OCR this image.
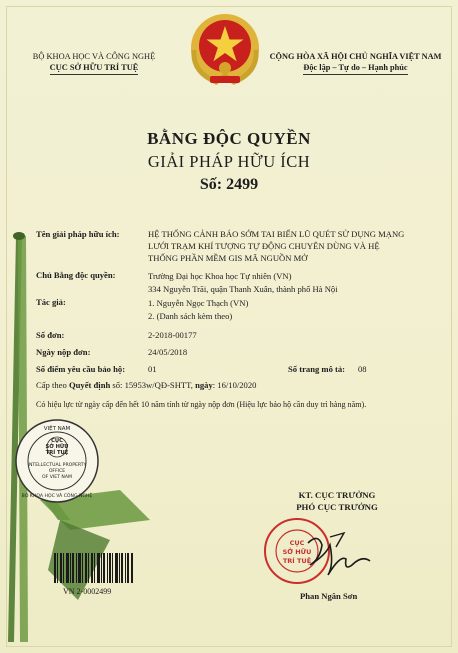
BỘ KHOA HỌC VÀ CÔNG NGHỆ
CỤC SỞ HỮU TRÍ TUỆ
CỘNG HÒA XÃ HỘI CHỦ NGHĨA VIỆT NAM
Độc lập – Tự do – Hạnh phúc
BẰNG ĐỘC QUYỀN
GIẢI PHÁP HỮU ÍCH
Số: 2499
Tên giải pháp hữu ích:	HỆ THỐNG CẢNH BÁO SỚM TAI BIẾN LŨ QUÉT SỬ DỤNG MẠNG
LƯỚI TRẠM KHÍ TƯỢNG TỰ ĐỘNG CHUYÊN DÙNG VÀ HỆ
THỐNG PHẦN MỀM GIS MÃ NGUỒN MỞ
Chủ Bằng độc quyền:	Trường Đại học Khoa học Tự nhiên (VN)
334 Nguyễn Trãi, quận Thanh Xuân, thành phố Hà Nội
Tác giả:	1. Nguyễn Ngọc Thạch (VN)
2. (Danh sách kèm theo)
Số đơn:	2-2018-00177
Ngày nộp đơn:	24/05/2018
Số điểm yêu cầu bảo hộ:	01	Số trang mô tả: 08
Cấp theo Quyết định số: 15953w/QĐ-SHTT, ngày: 16/10/2020
Có hiệu lực từ ngày cấp đến hết 10 năm tính từ ngày nộp đơn (Hiệu lực bảo hộ cần duy trì hàng năm).
VIỆT NAM
CỤC
SỞ HỮU
TRÍ TUỆ
INTELLECTUAL PROPERTY
OFFICE
OF VIET NAM
BỘ KHOA HỌC VÀ CÔNG NGHỆ	KT. CỤC TRƯỞNG
PHÓ CỤC TRƯỞNG
CỤC
SỞ HỮU
TRÍ TUỆ
Phan Ngân Sơn
VN 2-0002499
